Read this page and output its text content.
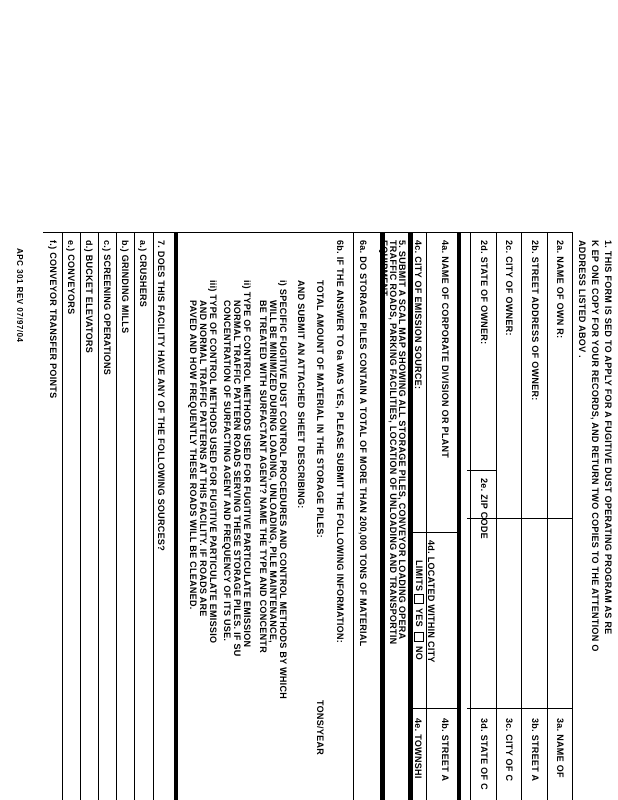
1. THIS FORM IS SED TO APPLY FOR A FUGITIVE DUST OPERATING PROGRAM AS RE
K EP ONE COPY FOR YOUR RECORDS, AND RETURN TWO COPIES TO THE ATTENTION O
ADDRESS LISTED ABOV .
2a. NAME OF OWN R:
2b. STREET ADDRESS OF OWNER:
2c. CITY OF OWNER:
2d. STATE OF OWNER:
2e. ZIP CODE
3a. NAME OF
3b. STREET A
3c. CITY OF C
3d. STATE OF C
4a. NAME OF CORPORATE DIVISION OR PLANT
4b. STREET A
4c. CITY OF EMISSION SOURCE:
4d. LOCATED WITHIN CITY
LIMITS
YES
NO
4e. TOWNSHI
5. SUBMIT A SCAL MAP SHOWING ALL STORAGE PILES, CONVEYOR LOADING OPERA
TRAFFIC ROADS, PARKING FACILITIES, LOCATION OF UNLOADING AND TRANSPORTIN
EQUIPMENT.
6a. DO STORAGE PILES CONTAIN A TOTAL OF MORE THAN 200,000 TONS OF MATERIAL
6b. IF THE ANSWER TO 6a WAS YES, PLEASE SUBMIT THE FOLLOWING INFORMATION:
TOTAL AMOUNT OF MATERIAL IN THE STORAGE PILES:
TONS/YEAR
AND SUBMIT AN ATTACHED SHEET DESCRIBING:
i) SPECIFIC FUGITIVE DUST CONTROL PROCEDURES AND CONTROL METHODS BY WHICH
WILL BE MINIMIZED DURING LOADING, UNLOADING, PILE MAINTENANCE,
BE TREATED WITH SURFACTANT AGENT? NAME THE TYPE AND CONCENTR
ii) TYPE OF CONTROL METHODS USED FOR FUGITIVE PARTICULATE EMISSION
NORMAL TRAFFIC PATTERN ROADS SERVING THESE STORAGE PILES. IF SU
CONCENTRATION OF SURFACTING AGENT AND FREQUENCY OF ITS USE.
iii) TYPE OF CONTROL METHODS USED FOR FUGITIVE PARTICULATE EMISSIO
AND NORMAL TRAFFIC PATTERNS AT THIS FACILITY. IF ROADS ARE
PAVED AND HOW FREQUENTLY THESE ROADS WILL BE CLEANED.
7. DOES THIS FACILITY HAVE ANY OF THE FOLLOWING SOURCES?
a.) CRUSHERS
b.) GRINDING MILLS
c.) SCREENING OPERATIONS
d.) BUCKET ELEVATORS
e.) CONVEYORS
f.) CONVEYOR TRANSFER POINTS
APC 301 REV 07/97/04
